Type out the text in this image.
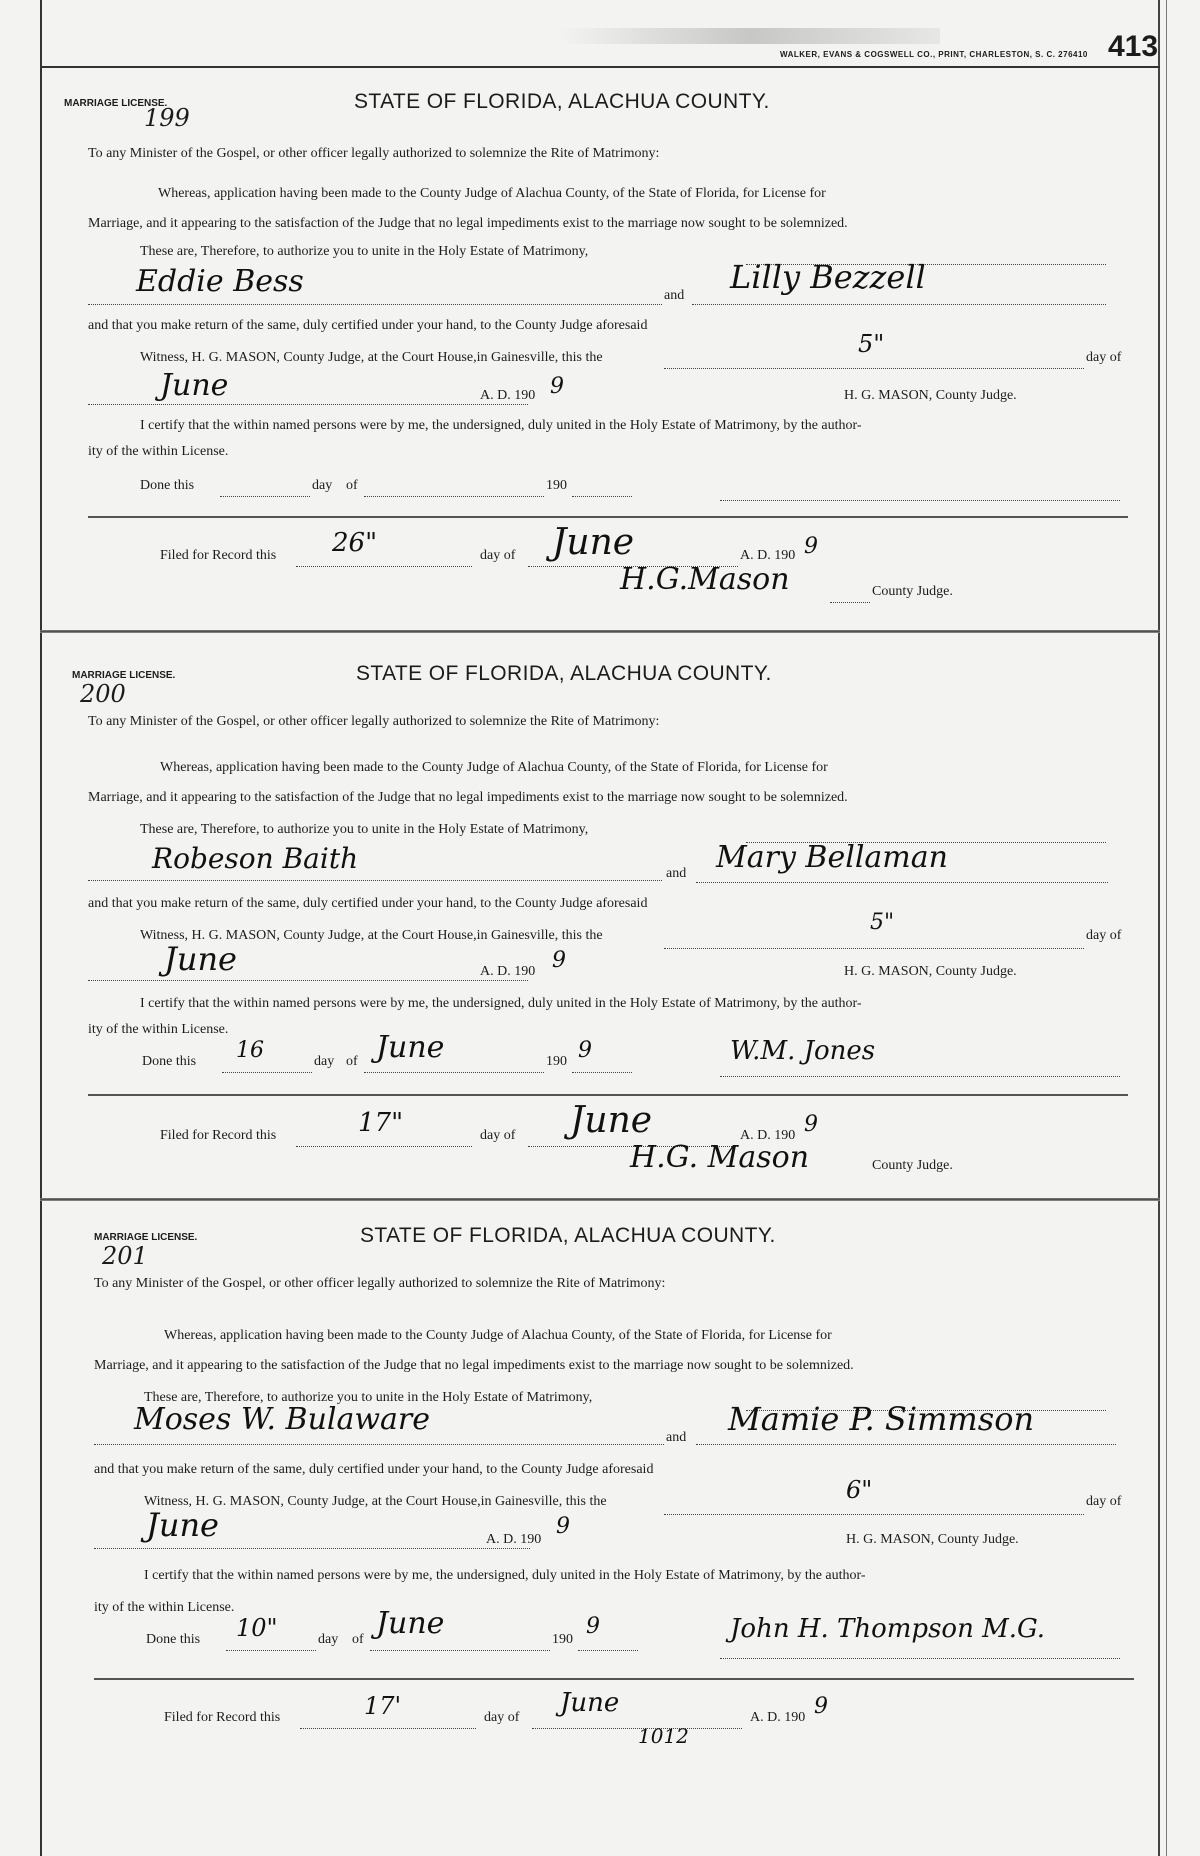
WALKER, EVANS & COGSWELL CO., PRINT, CHARLESTON, S. C. 276410 413
MARRIAGE LICENSE.
199
STATE OF FLORIDA, ALACHUA COUNTY.
To any Minister of the Gospel, or other officer legally authorized to solemnize the Rite of Matrimony:
Whereas, application having been made to the County Judge of Alachua County, of the State of Florida, for License for
Marriage, and it appearing to the satisfaction of the Judge that no legal impediments exist to the marriage now sought to be solemnized.
These are, Therefore, to authorize you to unite in the Holy Estate of Matrimony,
Eddie Bess	and Lilly Bezzell
and that you make return of the same, duly certified under your hand, to the County Judge aforesaid
Witness, H. G. MASON, County Judge, at the Court House,in Gainesville, this the	5"	day of
June	A. D. 190 9	H. G. MASON, County Judge.
I certify that the within named persons were by me, the undersigned, duly united in the Holy Estate of Matrimony, by the author-
ity of the within License.
Done this	day of	190
Filed for Record this 26"	day of June	A. D. 190 9
H.G.Mason	County Judge.
MARRIAGE LICENSE.
200
STATE OF FLORIDA, ALACHUA COUNTY.
To any Minister of the Gospel, or other officer legally authorized to solemnize the Rite of Matrimony:
Whereas, application having been made to the County Judge of Alachua County, of the State of Florida, for License for
Marriage, and it appearing to the satisfaction of the Judge that no legal impediments exist to the marriage now sought to be solemnized.
These are, Therefore, to authorize you to unite in the Holy Estate of Matrimony,
Robeson Baith	and Mary Bellaman
and that you make return of the same, duly certified under your hand, to the County Judge aforesaid
Witness, H. G. MASON, County Judge, at the Court House,in Gainesville, this the
5"
day of
June	A. D. 190 9	H. G. MASON, County Judge.
I certify that the within named persons were by me, the undersigned, duly united in the Holy Estate of Matrimony, by the author-
ity of the within License.
Done this 16	day of June	190 9	W.M. Jones
Filed for Record this	17"	day of June	A. D. 190 9
H.G. Mason	County Judge.
MARRIAGE LICENSE.
201
STATE OF FLORIDA, ALACHUA COUNTY.
To any Minister of the Gospel, or other officer legally authorized to solemnize the Rite of Matrimony:
Whereas, application having been made to the County Judge of Alachua County, of the State of Florida, for License for
Marriage, and it appearing to the satisfaction of the Judge that no legal impediments exist to the marriage now sought to be solemnized.
These are, Therefore, to authorize you to unite in the Holy Estate of Matrimony,
Moses W. Bulaware
and Mamie P. Simmson
and that you make return of the same, duly certified under your hand, to the County Judge aforesaid
Witness, H. G. MASON, County Judge, at the Court House,in Gainesville, this the	6"	day of
June	A. D. 190
9
H. G. MASON, County Judge.
I certify that the within named persons were by me, the undersigned, duly united in the Holy Estate of Matrimony, by the author-
ity of the within License.
Done this 10"	day of June	190
9	John H. Thompson M.G.
Filed for Record this	17'	day of June	A. D. 190 9
1012
